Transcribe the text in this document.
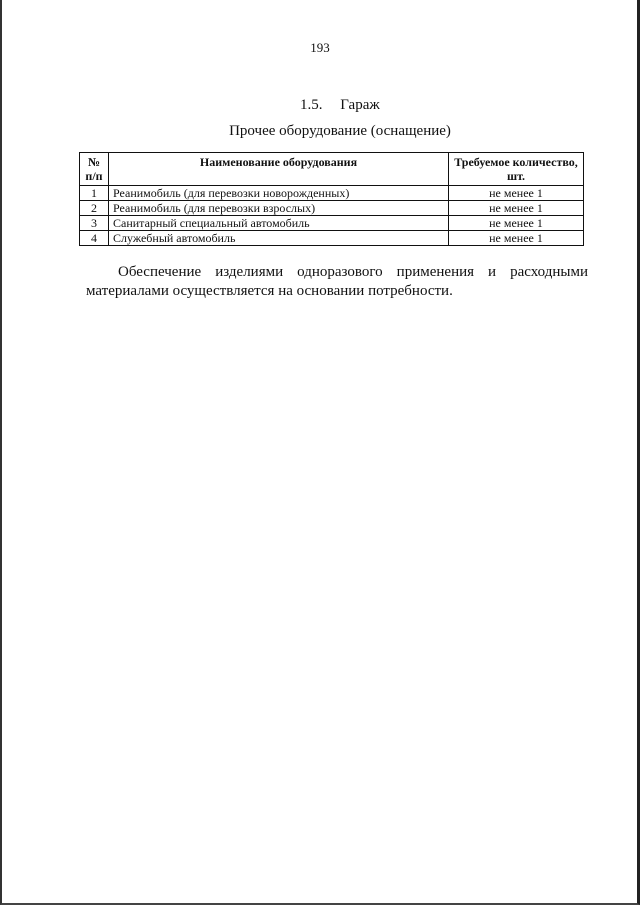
193
1.5. Гараж
Прочее оборудование (оснащение)
№ п/п	Наименование оборудования	Требуемое количество, шт.
1	Реанимобиль (для перевозки новорожденных)	не менее 1
2	Реанимобиль (для перевозки взрослых)	не менее 1
3	Санитарный специальный автомобиль	не менее 1
4	Служебный автомобиль	не менее 1
Обеспечение изделиями одноразового применения и расходными материалами осуществляется на основании потребности.
